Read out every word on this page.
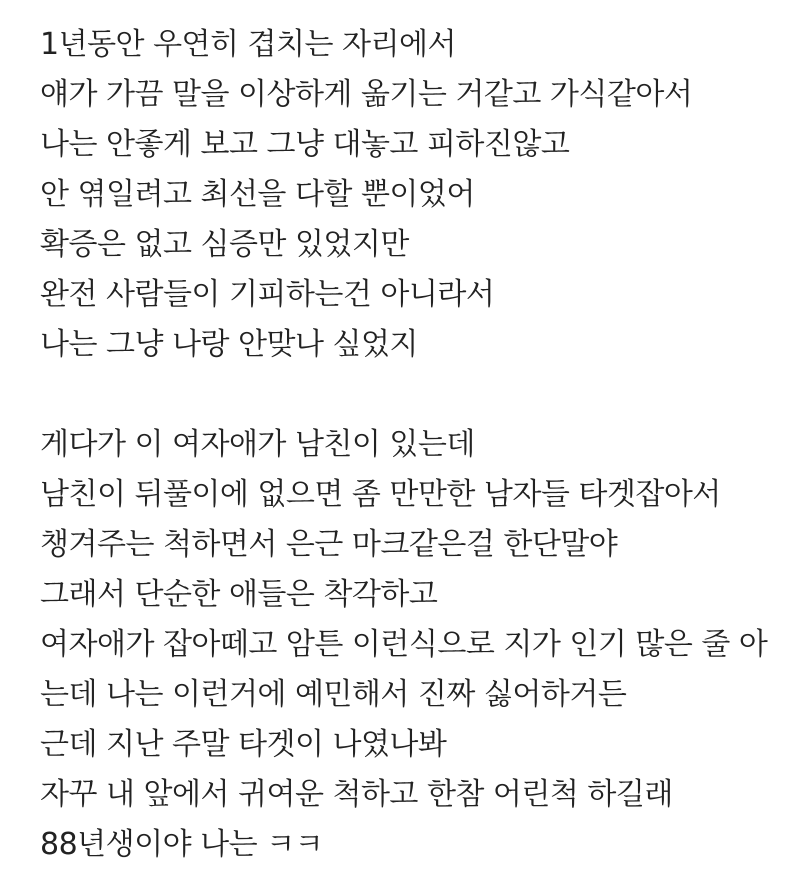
1년동안 우연히 겹치는 자리에서
얘가 가끔 말을 이상하게 옮기는 거같고 가식같아서
나는 안좋게 보고 그냥 대놓고 피하진않고
안 엮일려고 최선을 다할 뿐이었어
확증은 없고 심증만 있었지만
완전 사람들이 기피하는건 아니라서
나는 그냥 나랑 안맞나 싶었지
게다가 이 여자애가 남친이 있는데
남친이 뒤풀이에 없으면 좀 만만한 남자들 타겟잡아서
챙겨주는 척하면서 은근 마크같은걸 한단말야
그래서 단순한 애들은 착각하고
여자애가 잡아떼고 암튼 이런식으로 지가 인기 많은 줄 아
는데 나는 이런거에 예민해서 진짜 싫어하거든
근데 지난 주말 타겟이 나였나봐
자꾸 내 앞에서 귀여운 척하고 한참 어린척 하길래
88년생이야 나는 ㅋㅋ
